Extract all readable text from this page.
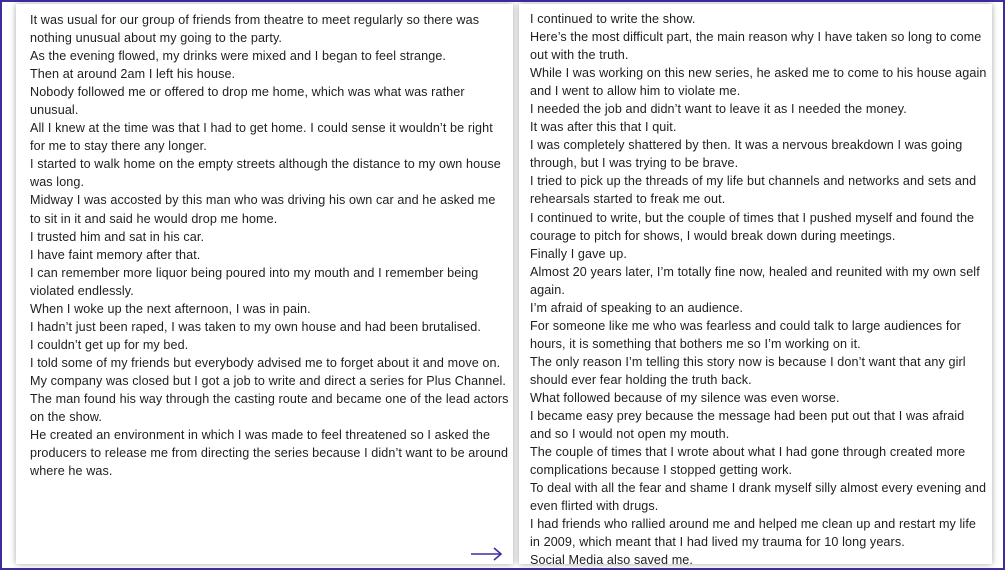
It was usual for our group of friends from theatre to meet regularly so there was nothing unusual about my going to the party.

As the evening flowed, my drinks were mixed and I began to feel strange.

Then at around 2am I left his house.

Nobody followed me or offered to drop me home, which was what was rather unusual.

All I knew at the time was that I had to get home. I could sense it wouldn’t be right for me to stay there any longer.

I started to walk home on the empty streets although the distance to my own house was long.

Midway I was accosted by this man who was driving his own car and he asked me to sit in it and said he would drop me home.

I trusted him and sat in his car.

I have faint memory after that.

I can remember more liquor being poured into my mouth and I remember being violated endlessly.

When I woke up the next afternoon, I was in pain.

I hadn’t just been raped, I was taken to my own house and had been brutalised.

I couldn’t get up for my bed.

I told some of my friends but everybody advised me to forget about it and move on.

My company was closed but I got a job to write and direct a series for Plus Channel.

The man found his way through the casting route and became one of the lead actors on the show.

He created an environment in which I was made to feel threatened so I asked the producers to release me from directing the series because I didn’t want to be around where he was.

I continued to write the show.

Here’s the most difficult part, the main reason why I have taken so long to come out with the truth.

While I was working on this new series, he asked me to come to his house again and I went to allow him to violate me.

I needed the job and didn’t want to leave it as I needed the money.

It was after this that I quit.

I was completely shattered by then. It was a nervous breakdown I was going through, but I was trying to be brave.

I tried to pick up the threads of my life but channels and networks and sets and rehearsals started to freak me out.

I continued to write, but the couple of times that I pushed myself and found the courage to pitch for shows, I would break down during meetings.

Finally I gave up.

Almost 20 years later, I’m totally fine now, healed and reunited with my own self again.

I’m afraid of speaking to an audience.

For someone like me who was fearless and could talk to large audiences for hours, it is something that bothers me so I’m working on it.

The only reason I’m telling this story now is because I don’t want that any girl should ever fear holding the truth back.

What followed because of my silence was even worse.

I became easy prey because the message had been put out that I was afraid and so I would not open my mouth.

The couple of times that I wrote about what I had gone through created more complications because I stopped getting work.

To deal with all the fear and shame I drank myself silly almost every evening and even flirted with drugs.

I had friends who rallied around me and helped me clean up and restart my life in 2009, which meant that I had lived my trauma for 10 long years.

Social Media also saved me.
